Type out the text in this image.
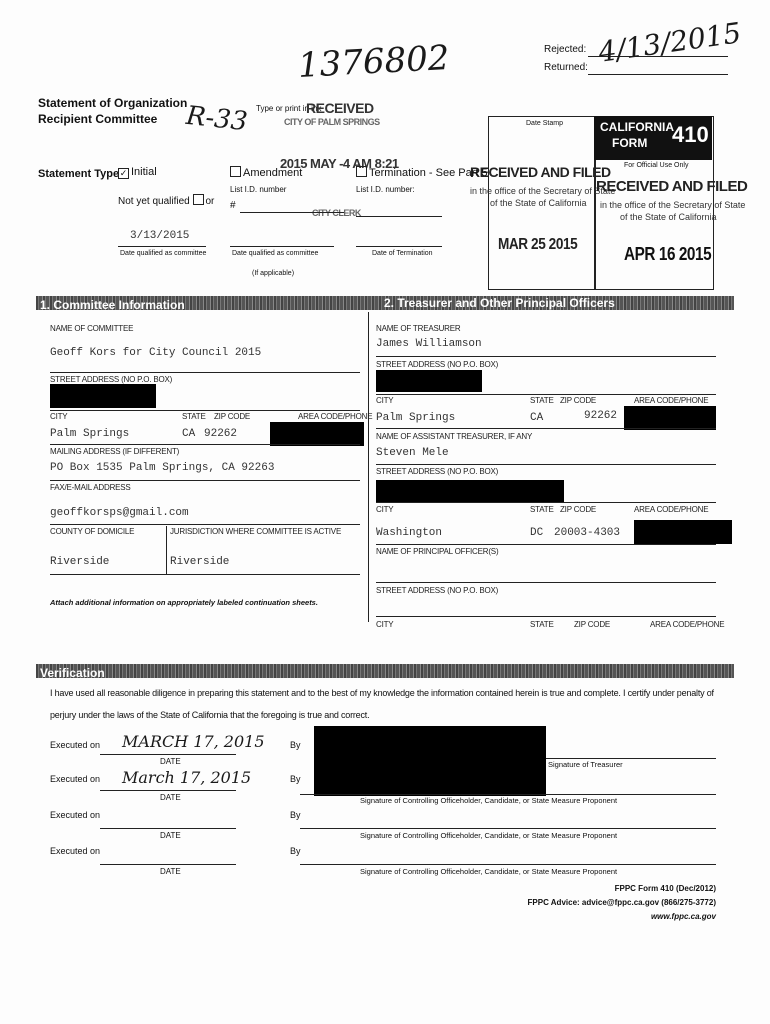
1376802	Rejected:
Returned: 4/13/2015
Statement of Organization
Recipient Committee R-33 Type or print in ink
RECEIVED
CITY OF PALM SPRINGS
2015 MAY -4 AM 8:21
CITY CLERK
Date Stamp	CALIFORNIA
FORM 410
For Official Use Only
RECEIVED AND FILED
in the office of the Secretary of State
of the State of California
MAR 25 2015
RECEIVED AND FILED
in the office of the Secretary of State
of the State of California
APR 16 2015
Statement Type ✓ Initial	Amendment	Termination - See Part 5
Not yet qualified or
List I.D. number
#
List I.D. number:
3/13/2015
Date qualified as committee	Date qualified as committee
(If applicable)
Date of Termination
1. Committee Information	2. Treasurer and Other Principal Officers
NAME OF COMMITTEE
Geoff Kors for City Council 2015
STREET ADDRESS (NO P.O. BOX)
CITY	STATE ZIP CODE	AREA CODE/PHONE
Palm Springs	CA 92262
MAILING ADDRESS (IF DIFFERENT)
PO Box 1535 Palm Springs, CA 92263
FAX/E-MAIL ADDRESS
geoffkorsps@gmail.com
COUNTY OF DOMICILE	JURISDICTION WHERE COMMITTEE IS ACTIVE
Riverside	Riverside
Attach additional information on appropriately labeled continuation sheets.
NAME OF TREASURER
James Williamson
STREET ADDRESS (NO P.O. BOX)
CITY	STATE ZIP CODE	AREA CODE/PHONE
Palm Springs	CA	92262
NAME OF ASSISTANT TREASURER, IF ANY
Steven Mele
STREET ADDRESS (NO P.O. BOX)
CITY	STATE ZIP CODE	AREA CODE/PHONE
Washington	DC 20003-4303
NAME OF PRINCIPAL OFFICER(S)
STREET ADDRESS (NO P.O. BOX)
CITY	STATE	ZIP CODE	AREA CODE/PHONE
Verification
I have used all reasonable diligence in preparing this statement and to the best of my knowledge the information contained herein is true and complete. I certify under penalty of
perjury under the laws of the State of California that the foregoing is true and correct.
Executed on MARCH 17, 2015
DATE
By
Signature of Treasurer
Executed on March 17, 2015
DATE
By
Signature of Controlling Officeholder, Candidate, or State Measure Proponent
Executed on
DATE
By
Signature of Controlling Officeholder, Candidate, or State Measure Proponent
Executed on
DATE
By
Signature of Controlling Officeholder, Candidate, or State Measure Proponent
FPPC Form 410 (Dec/2012)
FPPC Advice: advice@fppc.ca.gov (866/275-3772)
www.fppc.ca.gov
